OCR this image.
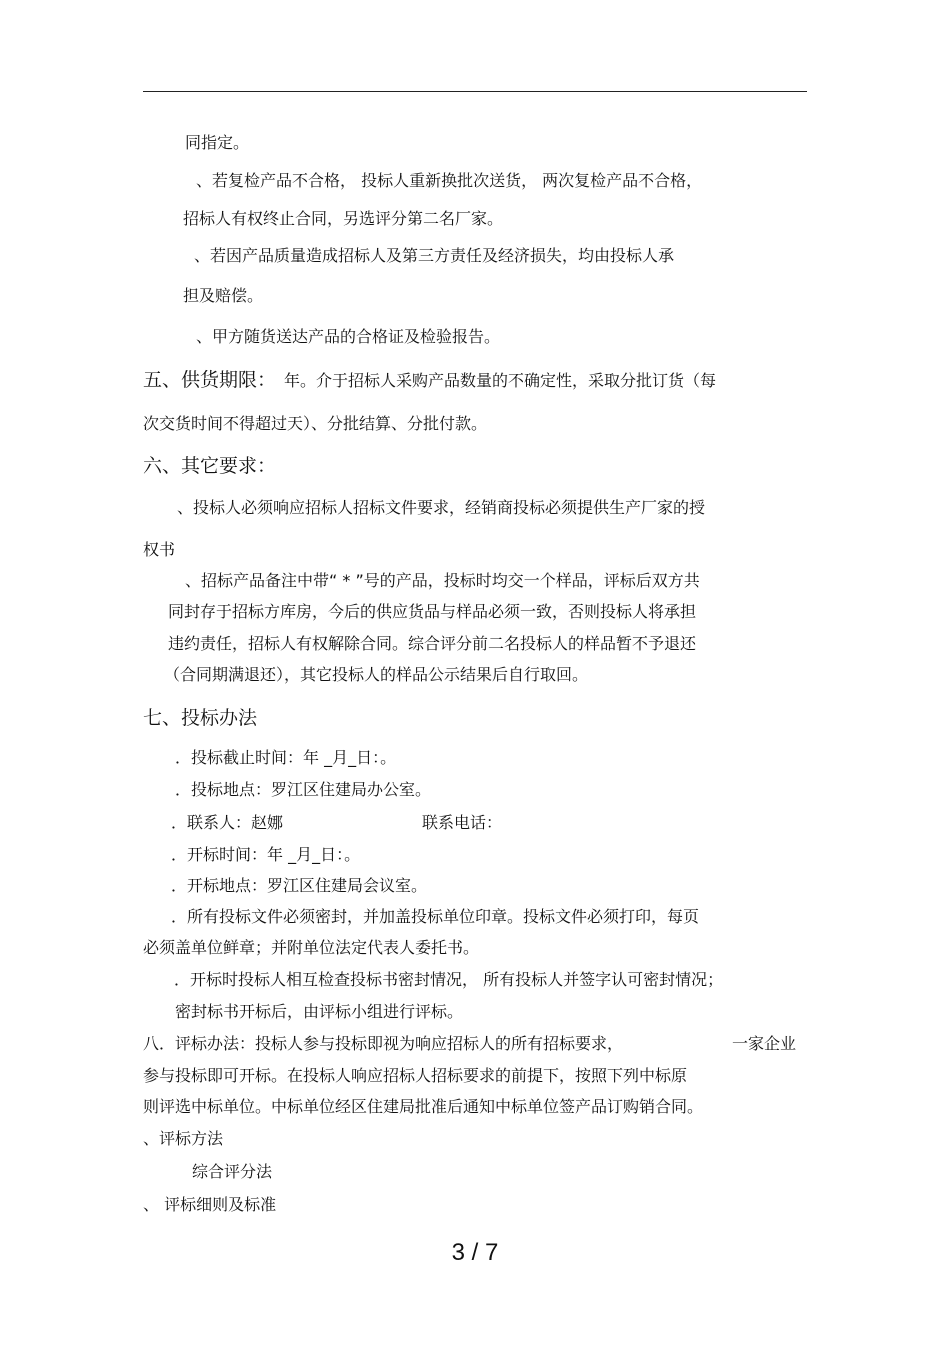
同指定。
、若复检产品不合格， 投标人重新换批次送货， 两次复检产品不合格，
招标人有权终止合同，另选评分第二名厂家。
、若因产品质量造成招标人及第三方责任及经济损失，均由投标人承
担及赔偿。
、甲方随货送达产品的合格证及检验报告。
五、供货期限： 年。介于招标人采购产品数量的不确定性，采取分批订货（每
次交货时间不得超过天）、分批结算、分批付款。
六、其它要求：
、投标人必须响应招标人招标文件要求，经销商投标必须提供生产厂家的授
权书
、招标产品备注中带“ * ”号的产品，投标时均交一个样品，评标后双方共
同封存于招标方库房，今后的供应货品与样品必须一致，否则投标人将承担
违约责任，招标人有权解除合同。综合评分前二名投标人的样品暂不予退还
（合同期满退还），其它投标人的样品公示结果后自行取回。
七、投标办法
．投标截止时间：年 _月_日：。
．投标地点：罗江区住建局办公室。
．联系人：赵娜	联系电话：
．开标时间：年 _月_日：。
．开标地点：罗江区住建局会议室。
．所有投标文件必须密封，并加盖投标单位印章。投标文件必须打印，每页
必须盖单位鲜章；并附单位法定代表人委托书。
．开标时投标人相互检查投标书密封情况， 所有投标人并签字认可密封情况；
密封标书开标后，由评标小组进行评标。
八．评标办法：投标人参与投标即视为响应招标人的所有招标要求，	一家企业
参与投标即可开标。在投标人响应招标人招标要求的前提下，按照下列中标原
则评选中标单位。中标单位经区住建局批准后通知中标单位签产品订购销合同。
、评标方法
综合评分法
、 评标细则及标准
3 / 7
